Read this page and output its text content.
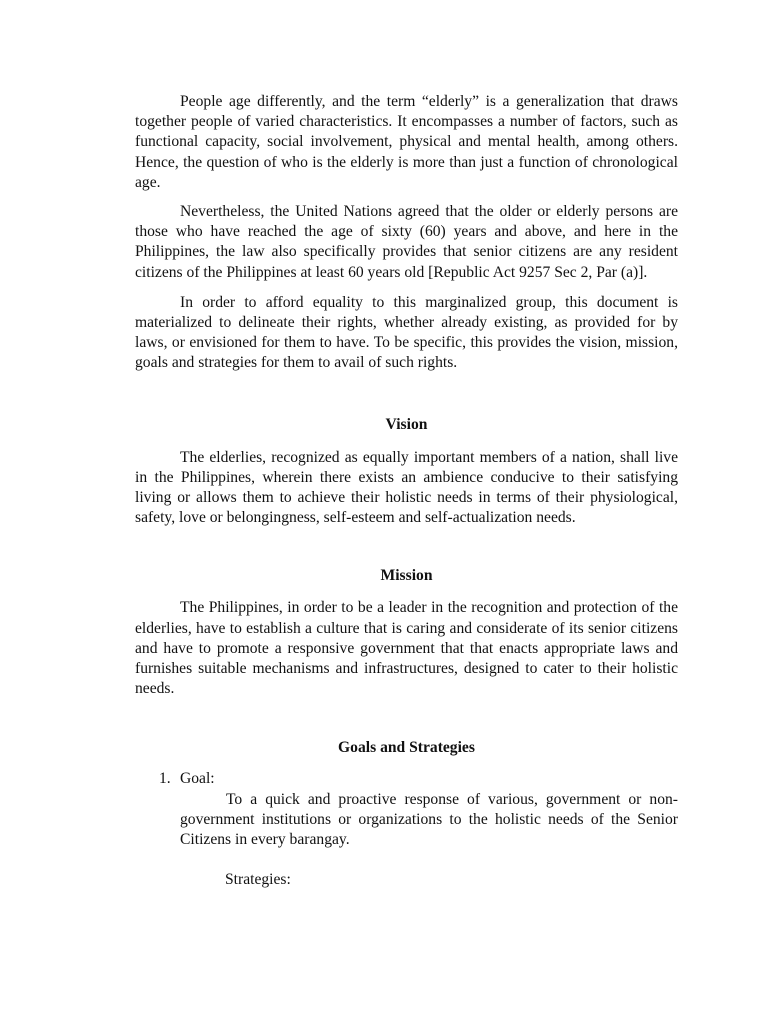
People age differently, and the term “elderly” is a generalization that draws together people of varied characteristics. It encompasses a number of factors, such as functional capacity, social involvement, physical and mental health, among others. Hence, the question of who is the elderly is more than just a function of chronological age.

Nevertheless, the United Nations agreed that the older or elderly persons are those who have reached the age of sixty (60) years and above, and here in the Philippines, the law also specifically provides that senior citizens are any resident citizens of the Philippines at least 60 years old [Republic Act 9257 Sec 2, Par (a)].

In order to afford equality to this marginalized group, this document is materialized to delineate their rights, whether already existing, as provided for by laws, or envisioned for them to have. To be specific, this provides the vision, mission, goals and strategies for them to avail of such rights.

Vision

The elderlies, recognized as equally important members of a nation, shall live in the Philippines, wherein there exists an ambience conducive to their satisfying living or allows them to achieve their holistic needs in terms of their physiological, safety, love or belongingness, self-esteem and self-actualization needs.

Mission

The Philippines, in order to be a leader in the recognition and protection of the elderlies, have to establish a culture that is caring and considerate of its senior citizens and have to promote a responsive government that that enacts appropriate laws and furnishes suitable mechanisms and infrastructures, designed to cater to their holistic needs.

Goals and Strategies
1. Goal:

To a quick and proactive response of various, government or non-government institutions or organizations to the holistic needs of the Senior Citizens in every barangay.

Strategies:
